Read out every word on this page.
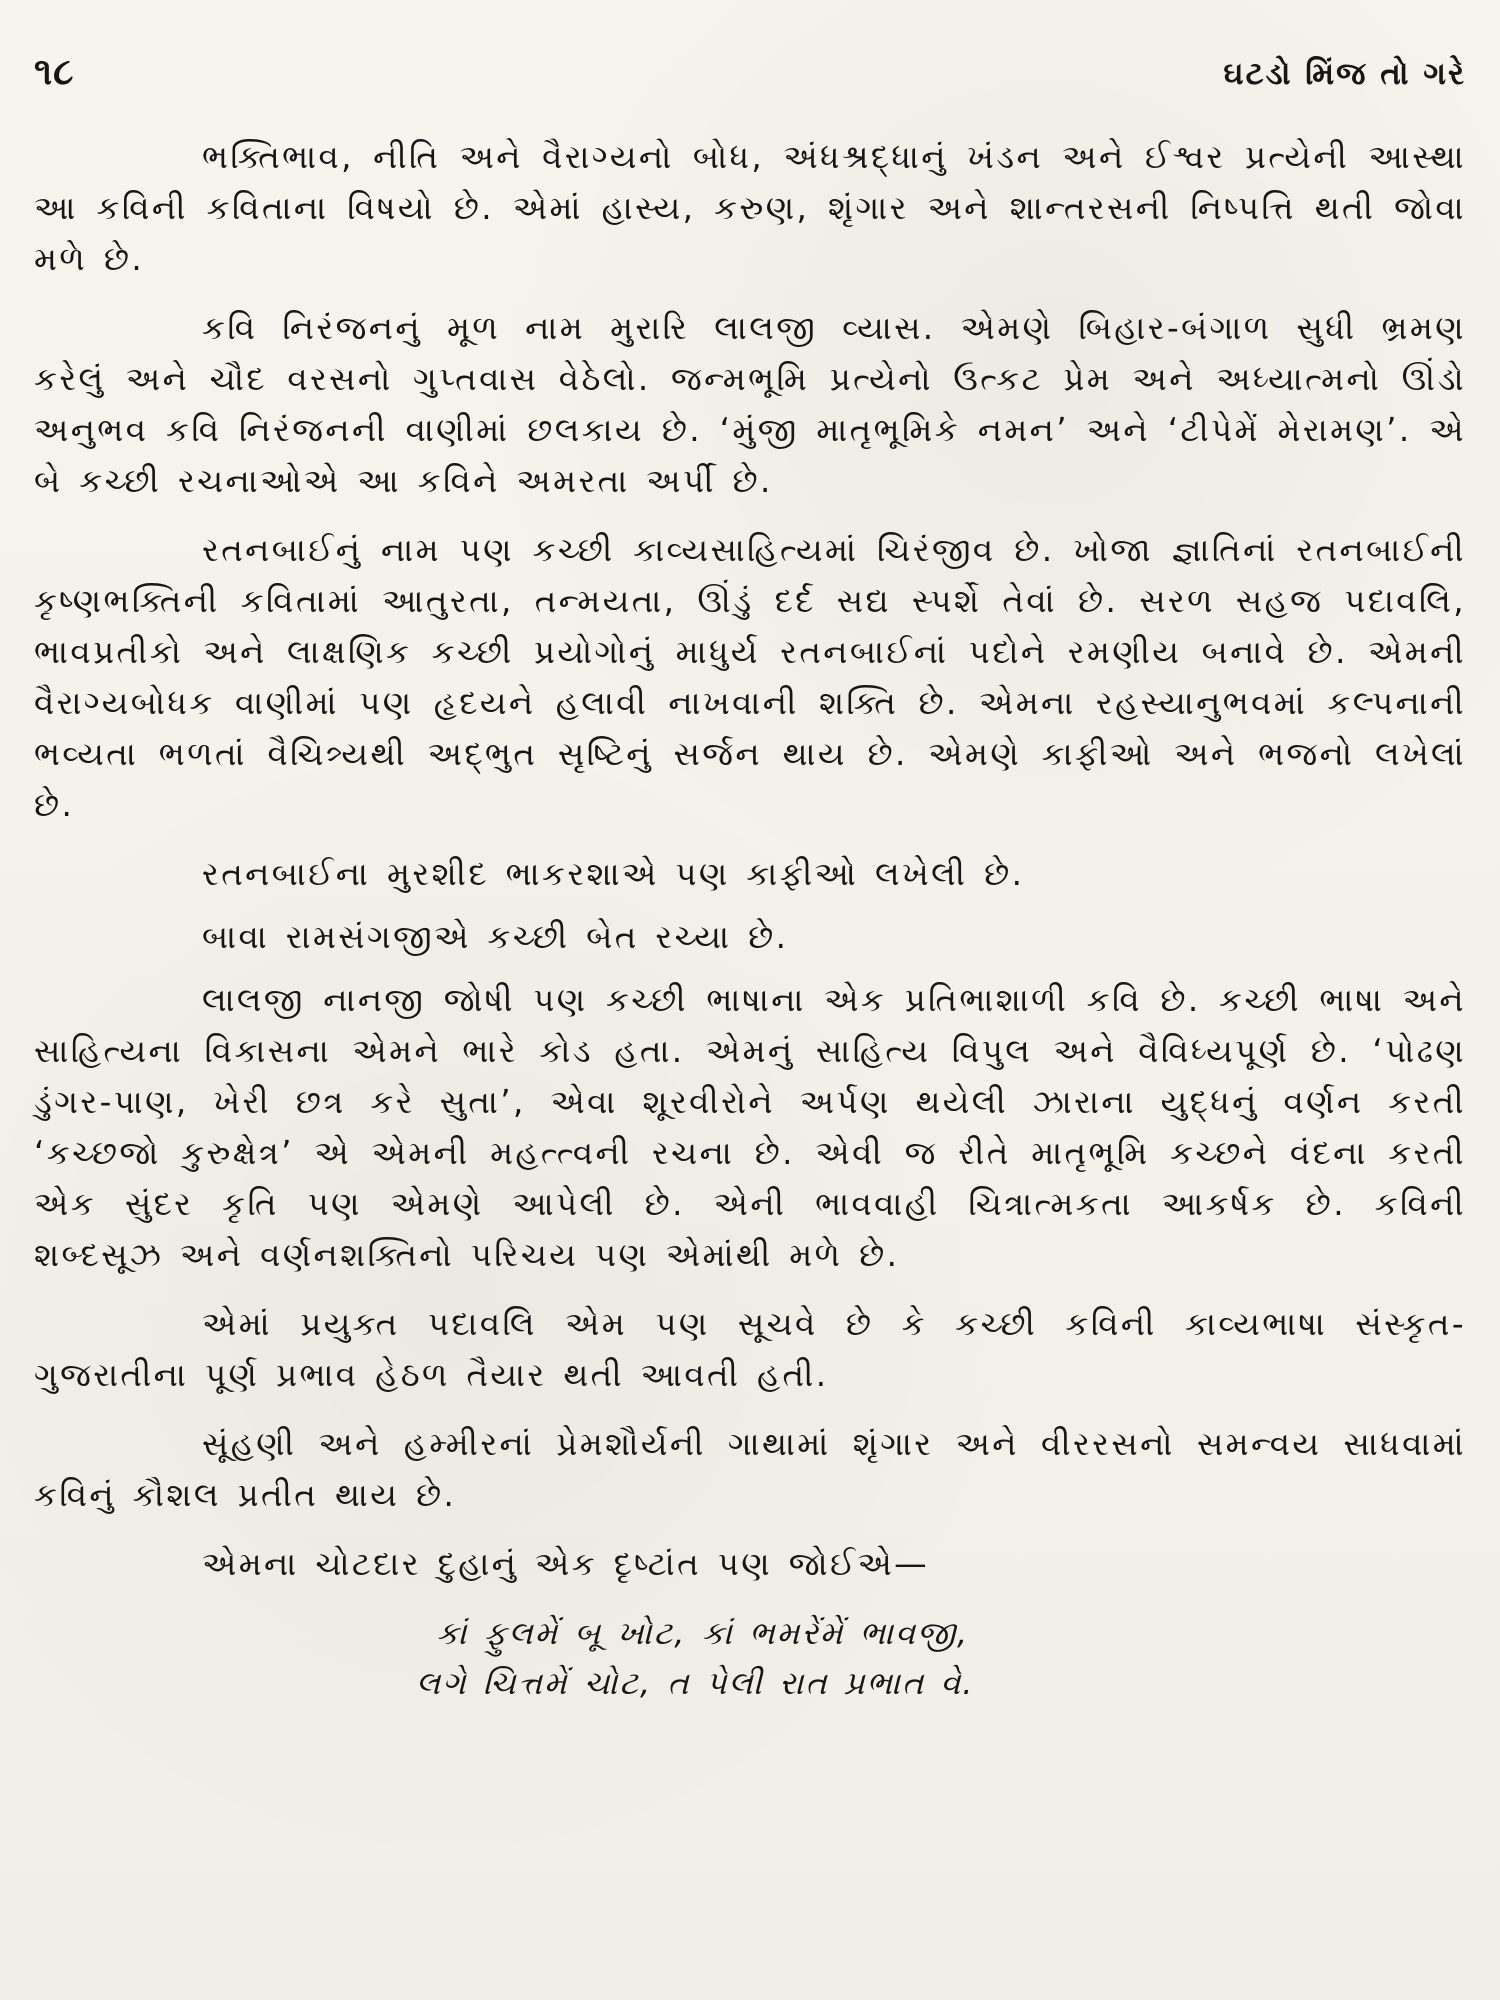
૧૮	ઘટડો મિંજ તો ગરે

ભક્તિભાવ, નીતિ અને વૈરાગ્યનો બોધ, અંધશ્રદ્ધાનું ખંડન અને ઈશ્વર પ્રત્યેની આસ્થા આ કવિની કવિતાના વિષયો છે. એમાં હાસ્ય, કરુણ, શૃંગાર અને શાન્તરસની નિષ્પત્તિ થતી જોવા મળે છે.

કવિ નિરંજનનું મૂળ નામ મુરારિ લાલજી વ્યાસ. એમણે બિહાર-બંગાળ સુધી ભ્રમણ કરેલું અને ચૌદ વરસનો ગુપ્તવાસ વેઠેલો. જન્મભૂમિ પ્રત્યેનો ઉત્કટ પ્રેમ અને અધ્યાત્મનો ઊંડો અનુભવ કવિ નિરંજનની વાણીમાં છલકાય છે. ‘મુંજી માતૃભૂમિકે નમન’ અને ‘ટીપેમેં મેરામણ’. એ બે કચ્છી રચનાઓએ આ કવિને અમરતા અર્પી છે.

રતનબાઈનું નામ પણ કચ્છી કાવ્યસાહિત્યમાં ચિરંજીવ છે. ખોજા જ્ઞાતિનાં રતનબાઈની કૃષ્ણભક્તિની કવિતામાં આતુરતા, તન્મયતા, ઊંડું દર્દ સદ્ય સ્પર્શે તેવાં છે. સરળ સહજ પદાવલિ, ભાવપ્રતીકો અને લાક્ષણિક કચ્છી પ્રયોગોનું માધુર્ય રતનબાઈનાં પદોને રમણીય બનાવે છે. એમની વૈરાગ્યબોધક વાણીમાં પણ હૃદયને હલાવી નાખવાની શક્તિ છે. એમના રહસ્યાનુભવમાં કલ્પનાની ભવ્યતા ભળતાં વૈચિત્ર્યથી અદ્ભુત સૃષ્ટિનું સર્જન થાય છે. એમણે કાફીઓ અને ભજનો લખેલાં છે.

રતનબાઈના મુરશીદ ભાકરશાએ પણ કાફીઓ લખેલી છે.

બાવા રામસંગજીએ કચ્છી બેત રચ્યા છે.

લાલજી નાનજી જોષી પણ કચ્છી ભાષાના એક પ્રતિભાશાળી કવિ છે. કચ્છી ભાષા અને સાહિત્યના વિકાસના એમને ભારે કોડ હતા. એમનું સાહિત્ય વિપુલ અને વૈવિધ્યપૂર્ણ છે. ‘પોઢણ ડુંગર-પાણ, ખેરી છત્ર કરે સુતા’, એવા શૂરવીરોને અર્પણ થયેલી ઝારાના યુદ્ધનું વર્ણન કરતી ‘કચ્છજો કુરુક્ષેત્ર’ એ એમની મહત્ત્વની રચના છે. એવી જ રીતે માતૃભૂમિ કચ્છને વંદના કરતી એક સુંદર કૃતિ પણ એમણે આપેલી છે. એની ભાવવાહી ચિત્રાત્મકતા આકર્ષક છે. કવિની શબ્દસૂઝ અને વર્ણનશક્તિનો પરિચય પણ એમાંથી મળે છે.

એમાં પ્રયુક્ત પદાવલિ એમ પણ સૂચવે છે કે કચ્છી કવિની કાવ્યભાષા સંસ્કૃત-ગુજરાતીના પૂર્ણ પ્રભાવ હેઠળ તૈયાર થતી આવતી હતી.

સૂંહણી અને હમ્મીરનાં પ્રેમશૌર્યની ગાથામાં શૃંગાર અને વીરરસનો સમન્વય સાધવામાં કવિનું કૌશલ પ્રતીત થાય છે.

એમના ચોટદાર દુહાનું એક દૃષ્ટાંત પણ જોઈએ—

કાં ફુલમેં બૂ ખોટ, કાં ભમરેંમેં ભાવજી,
લગે ચિત્તમેં ચોટ, ત પેલી રાત પ્રભાત વે.
